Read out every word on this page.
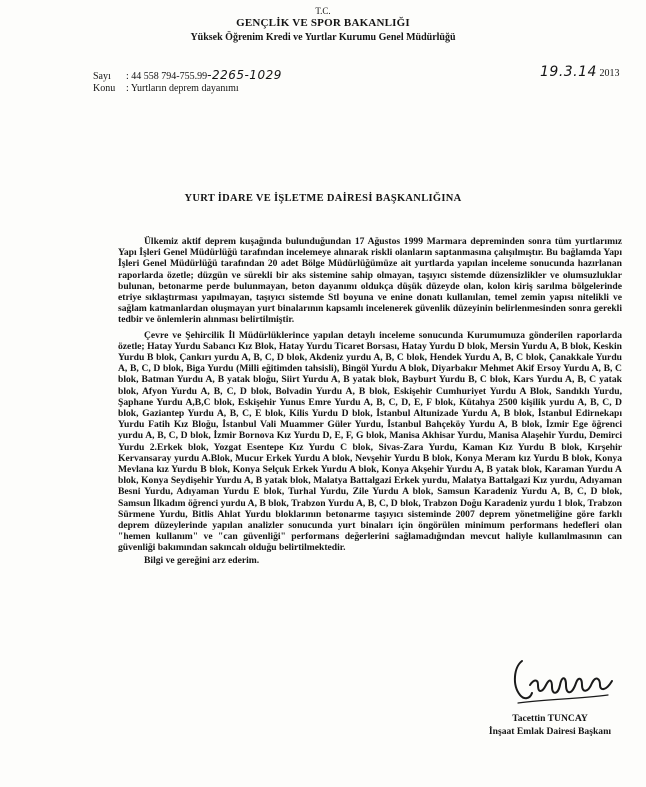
T.C.
GENÇLİK VE SPOR BAKANLIĞI
Yüksek Öğrenim Kredi ve Yurtlar Kurumu Genel Müdürlüğü
Sayı : 44 558 794-755.99-2265-1029
Konu : Yurtların deprem dayanımı
19.3.14 2013
YURT İDARE VE İŞLETME DAİRESİ BAŞKANLIĞINA

Ülkemiz aktif deprem kuşağında bulunduğundan 17 Ağustos 1999 Marmara depreminden sonra tüm yurtlarımız Yapı İşleri Genel Müdürlüğü tarafından incelemeye alınarak riskli olanların saptanmasına çalışılmıştır. Bu bağlamda Yapı İşleri Genel Müdürlüğü tarafından 20 adet Bölge Müdürlüğümüze ait yurtlarda yapılan inceleme sonucunda hazırlanan raporlarda özetle; düzgün ve sürekli bir aks sistemine sahip olmayan, taşıyıcı sistemde düzensizlikler ve olumsuzluklar bulunan, betonarme perde bulunmayan, beton dayanımı oldukça düşük düzeyde olan, kolon kiriş sarılma bölgelerinde etriye sıklaştırması yapılmayan, taşıyıcı sistemde Stl boyuna ve enine donatı kullanılan, temel zemin yapısı nitelikli ve sağlam katmanlardan oluşmayan yurt binalarının kapsamlı incelenerek güvenlik düzeyinin belirlenmesinden sonra gerekli tedbir ve önlemlerin alınması belirtilmiştir.

Çevre ve Şehircilik İl Müdürlüklerince yapılan detaylı inceleme sonucunda Kurumumuza gönderilen raporlarda özetle; Hatay Yurdu Sabancı Kız Blok, Hatay Yurdu Ticaret Borsası, Hatay Yurdu D blok, Mersin Yurdu A, B blok, Keskin Yurdu B blok, Çankırı yurdu A, B, C, D blok, Akdeniz yurdu A, B, C blok, Hendek Yurdu A, B, C blok, Çanakkale Yurdu A, B, C, D blok, Biga Yurdu (Milli eğitimden tahsisli), Bingöl Yurdu A blok, Diyarbakır Mehmet Akif Ersoy Yurdu A, B, C blok, Batman Yurdu A, B yatak bloğu, Siirt Yurdu A, B yatak blok, Bayburt Yurdu B, C blok, Kars Yurdu A, B, C yatak blok, Afyon Yurdu A, B, C, D blok, Bolvadin Yurdu A, B blok, Eskişehir Cumhuriyet Yurdu A Blok, Sandıklı Yurdu, Şaphane Yurdu A,B,C blok, Eskişehir Yunus Emre Yurdu A, B, C, D, E, F blok, Kütahya 2500 kişilik yurdu A, B, C, D blok, Gaziantep Yurdu A, B, C, E blok, Kilis Yurdu D blok, İstanbul Altunizade Yurdu A, B blok, İstanbul Edirnekapı Yurdu Fatih Kız Bloğu, İstanbul Vali Muammer Güler Yurdu, İstanbul Bahçeköy Yurdu A, B blok, İzmir Ege öğrenci yurdu A, B, C, D blok, İzmir Bornova Kız Yurdu D, E, F, G blok, Manisa Akhisar Yurdu, Manisa Alaşehir Yurdu, Demirci Yurdu 2.Erkek blok, Yozgat Esentepe Kız Yurdu C blok, Sivas-Zara Yurdu, Kaman Kız Yurdu B blok, Kırşehir Kervansaray yurdu A.Blok, Mucur Erkek Yurdu A blok, Nevşehir Yurdu B blok, Konya Meram kız Yurdu B blok, Konya Mevlana kız Yurdu B blok, Konya Selçuk Erkek Yurdu A blok, Konya Akşehir Yurdu A, B yatak blok, Karaman Yurdu A blok, Konya Seydişehir Yurdu A, B yatak blok, Malatya Battalgazi Erkek yurdu, Malatya Battalgazi Kız yurdu, Adıyaman Besni Yurdu, Adıyaman Yurdu E blok, Turhal Yurdu, Zile Yurdu A blok, Samsun Karadeniz Yurdu A, B, C, D blok, Samsun İlkadım öğrenci yurdu A, B blok, Trabzon Yurdu A, B, C, D blok, Trabzon Doğu Karadeniz yurdu 1 blok, Trabzon Sürmene Yurdu, Bitlis Ahlat Yurdu bloklarının betonarme taşıyıcı sisteminde 2007 deprem yönetmeliğine göre farklı deprem düzeylerinde yapılan analizler sonucunda yurt binaları için öngörülen minimum performans hedefleri olan "hemen kullanım" ve "can güvenliği" performans değerlerini sağlamadığından mevcut haliyle kullanılmasının can güvenliği bakımından sakıncalı olduğu belirtilmektedir.

Bilgi ve gereğini arz ederim.

Tacettin TUNCAY
İnşaat Emlak Dairesi Başkanı
